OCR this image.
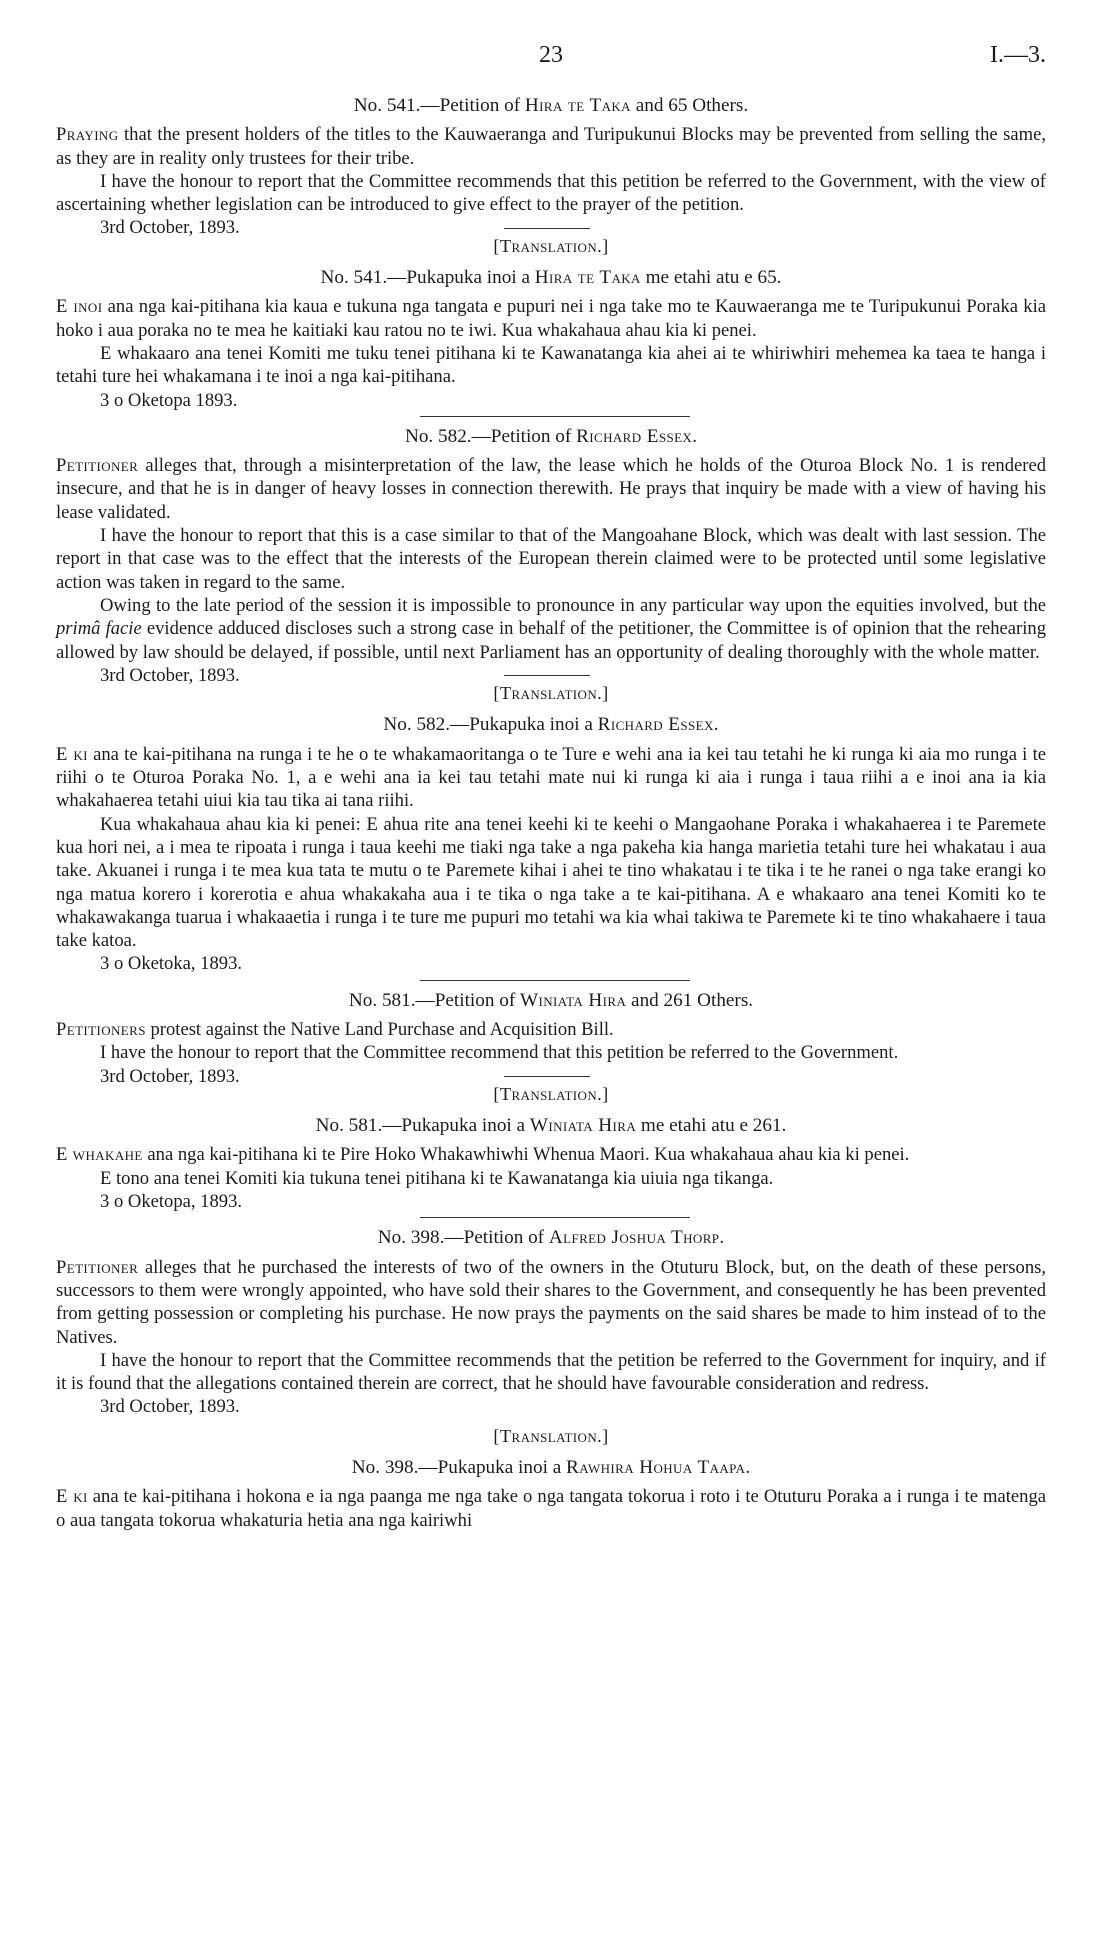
23	I.—3.
No. 541.—Petition of Hira te Taka and 65 Others.

Praying that the present holders of the titles to the Kauwaeranga and Turipukunui Blocks may be prevented from selling the same, as they are in reality only trustees for their tribe.

I have the honour to report that the Committee recommends that this petition be referred to the Government, with the view of ascertaining whether legislation can be introduced to give effect to the prayer of the petition.

3rd October, 1893.
[Translation.]
No. 541.—Pukapuka inoi a Hira te Taka me etahi atu e 65.

E inoi ana nga kai-pitihana kia kaua e tukuna nga tangata e pupuri nei i nga take mo te Kauwaeranga me te Turipukunui Poraka kia hoko i aua poraka no te mea he kaitiaki kau ratou no te iwi. Kua whakahaua ahau kia ki penei.

E whakaaro ana tenei Komiti me tuku tenei pitihana ki te Kawanatanga kia ahei ai te whiriwhiri mehemea ka taea te hanga i tetahi ture hei whakamana i te inoi a nga kai-pitihana.

3 o Oketopa 1893.
No. 582.—Petition of Richard Essex.

Petitioner alleges that, through a misinterpretation of the law, the lease which he holds of the Oturoa Block No. 1 is rendered insecure, and that he is in danger of heavy losses in connection therewith. He prays that inquiry be made with a view of having his lease validated.

I have the honour to report that this is a case similar to that of the Mangoahane Block, which was dealt with last session. The report in that case was to the effect that the interests of the European therein claimed were to be protected until some legislative action was taken in regard to the same.

Owing to the late period of the session it is impossible to pronounce in any particular way upon the equities involved, but the primâ facie evidence adduced discloses such a strong case in behalf of the petitioner, the Committee is of opinion that the rehearing allowed by law should be delayed, if possible, until next Parliament has an opportunity of dealing thoroughly with the whole matter.

3rd October, 1893.
[Translation.]
No. 582.—Pukapuka inoi a Richard Essex.

E ki ana te kai-pitihana na runga i te he o te whakamaoritanga o te Ture e wehi ana ia kei tau tetahi he ki runga ki aia mo runga i te riihi o te Oturoa Poraka No. 1, a e wehi ana ia kei tau tetahi mate nui ki runga ki aia i runga i taua riihi a e inoi ana ia kia whakahaerea tetahi uiui kia tau tika ai tana riihi.

Kua whakahaua ahau kia ki penei: E ahua rite ana tenei keehi ki te keehi o Mangaohane Poraka i whakahaerea i te Paremete kua hori nei, a i mea te ripoata i runga i taua keehi me tiaki nga take a nga pakeha kia hanga marietia tetahi ture hei whakatau i aua take. Akuanei i runga i te mea kua tata te mutu o te Paremete kihai i ahei te tino whakatau i te tika i te he ranei o nga take erangi ko nga matua korero i korerotia e ahua whakakaha aua i te tika o nga take a te kai-pitihana. A e whakaaro ana tenei Komiti ko te whakawakanga tuarua i whakaaetia i runga i te ture me pupuri mo tetahi wa kia whai takiwa te Paremete ki te tino whakahaere i taua take katoa.

3 o Oketoka, 1893.
No. 581.—Petition of Winiata Hira and 261 Others.

Petitioners protest against the Native Land Purchase and Acquisition Bill.

I have the honour to report that the Committee recommend that this petition be referred to the Government.

3rd October, 1893.
[Translation.]
No. 581.—Pukapuka inoi a Winiata Hira me etahi atu e 261.

E whakahe ana nga kai-pitihana ki te Pire Hoko Whakawhiwhi Whenua Maori. Kua whakahaua ahau kia ki penei.

E tono ana tenei Komiti kia tukuna tenei pitihana ki te Kawanatanga kia uiuia nga tikanga.

3 o Oketopa, 1893.
No. 398.—Petition of Alfred Joshua Thorp.

Petitioner alleges that he purchased the interests of two of the owners in the Otuturu Block, but, on the death of these persons, successors to them were wrongly appointed, who have sold their shares to the Government, and consequently he has been prevented from getting possession or completing his purchase. He now prays the payments on the said shares be made to him instead of to the Natives.

I have the honour to report that the Committee recommends that the petition be referred to the Government for inquiry, and if it is found that the allegations contained therein are correct, that he should have favourable consideration and redress.

3rd October, 1893.
[Translation.]
No. 398.—Pukapuka inoi a Rawhira Hohua Taapa.

E ki ana te kai-pitihana i hokona e ia nga paanga me nga take o nga tangata tokorua i roto i te Otuturu Poraka a i runga i te matenga o aua tangata tokorua whakaturia hetia ana nga kairiwhi
